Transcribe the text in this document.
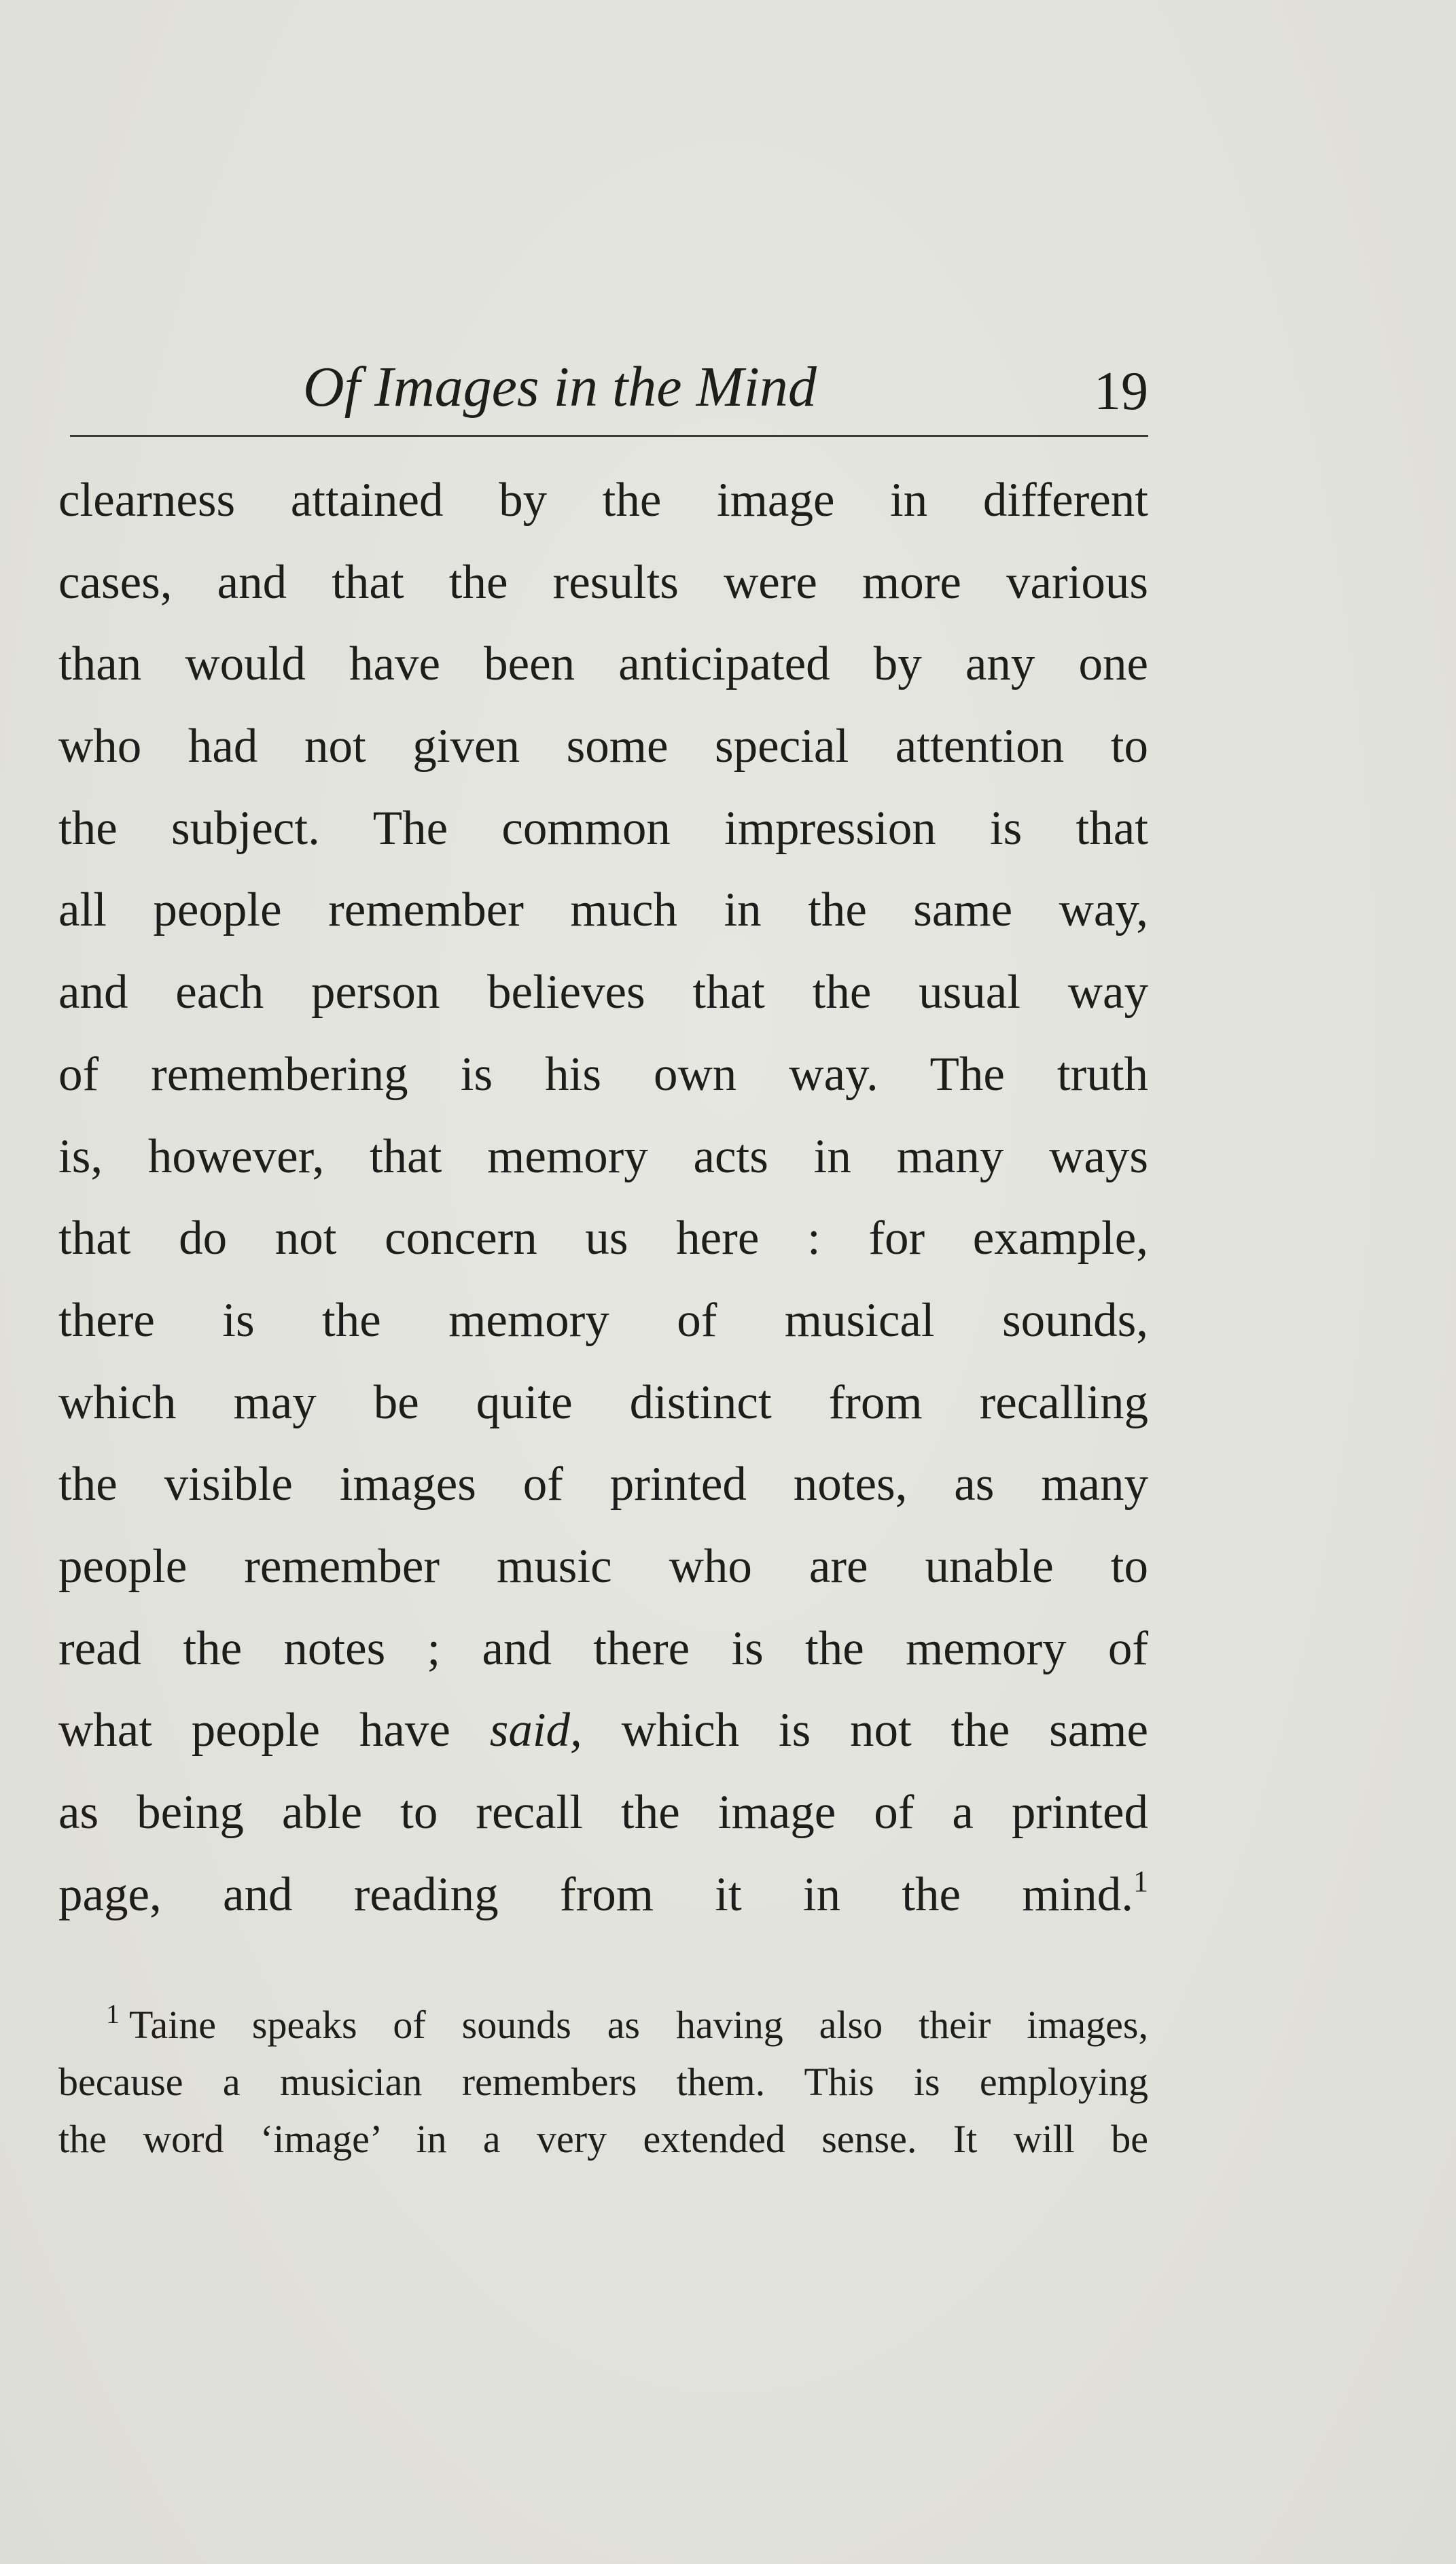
Of Images in the Mind	19
clearness attained by the image in different
cases, and that the results were more various
than would have been anticipated by any one
who had not given some special attention to
the subject. The common impression is that
all people remember much in the same way,
and each person believes that the usual way
of remembering is his own way. The truth
is, however, that memory acts in many ways
that do not concern us here : for example,
there is the memory of musical sounds,
which may be quite distinct from recalling
the visible images of printed notes, as many
people remember music who are unable to
read the notes ; and there is the memory of
what people have said, which is not the same
as being able to recall the image of a printed
page, and reading from it in the mind.$^1$
$^1$ Taine speaks of sounds as having also their images,
because a musician remembers them. This is employing
the word ‘image’ in a very extended sense. It will be
